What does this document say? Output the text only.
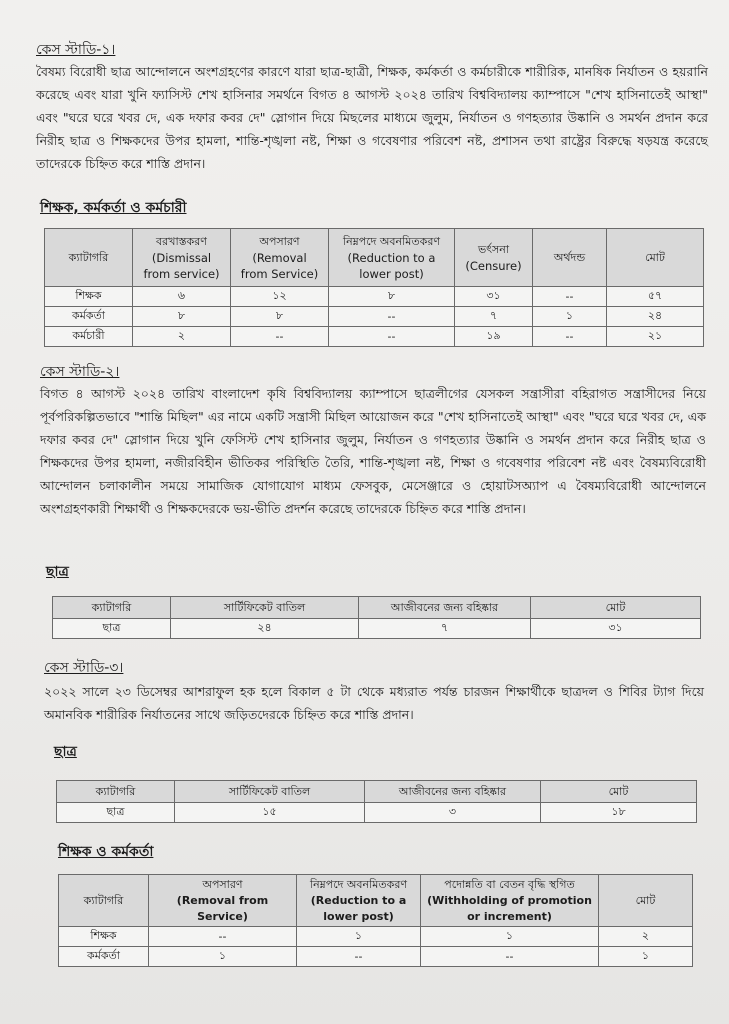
কেস স্টাডি-১।

বৈষম্য বিরোধী ছাত্র আন্দোলনে অংশগ্রহণের কারণে যারা ছাত্র-ছাত্রী, শিক্ষক, কর্মকর্তা ও কর্মচারীকে শারীরিক, মানষিক নির্যাতন ও হয়রানি করেছে এবং যারা খুনি ফ্যাসিস্ট শেখ হাসিনার সমর্থনে বিগত ৪ আগস্ট ২০২৪ তারিখ বিশ্ববিদ্যালয় ক্যাম্পাসে "শেখ হাসিনাতেই আস্থা" এবং "ঘরে ঘরে খবর দে, এক দফার কবর দে" স্লোগান দিয়ে মিছলের মাধ্যমে জুলুম, নির্যাতন ও গণহত্যার উষ্কানি ও সমর্থন প্রদান করে নিরীহ ছাত্র ও শিক্ষকদের উপর হামলা, শান্তি-শৃঙ্খলা নষ্ট, শিক্ষা ও গবেষণার পরিবেশ নষ্ট, প্রশাসন তথা রাষ্ট্রের বিরুদ্ধে ষড়যন্ত্র করেছে তাদেরকে চিহ্নিত করে শাস্তি প্রদান।

শিক্ষক, কর্মকর্তা ও কর্মচারী
ক্যাটাগরি	বরখাস্তকরণ
(Dismissal
from service)	অপসারণ
(Removal
from Service)	নিম্নপদে অবনমিতকরণ
(Reduction to a
lower post)	ভর্ৎসনা
(Censure)	অর্থদন্ড	মোট

শিক্ষক	৬	১২	৮	৩১	--	৫৭
কর্মকর্তা	৮	৮	--	৭	১	২৪
কর্মচারী	২	--	--	১৯	--	২১
কেস স্টাডি-২।

বিগত ৪ আগস্ট ২০২৪ তারিখ বাংলাদেশ কৃষি বিশ্ববিদ্যালয় ক্যাম্পাসে ছাত্রলীগের যেসকল সন্ত্রাসীরা বহিরাগত সন্ত্রাসীদের নিয়ে পূর্বপরিকল্পিতভাবে "শান্তি মিছিল" এর নামে একটি সন্ত্রাসী মিছিল আয়োজন করে "শেখ হাসিনাতেই আস্থা" এবং "ঘরে ঘরে খবর দে, এক দফার কবর দে" স্লোগান দিয়ে খুনি ফেসিস্ট শেখ হাসিনার জুলুম, নির্যাতন ও গণহত্যার উষ্কানি ও সমর্থন প্রদান করে নিরীহ ছাত্র ও শিক্ষকদের উপর হামলা, নজীরবিহীন ভীতিকর পরিস্থিতি তৈরি, শান্তি-শৃঙ্খলা নষ্ট, শিক্ষা ও গবেষণার পরিবেশ নষ্ট এবং বৈষম্যবিরোধী আন্দোলন চলাকালীন সময়ে সামাজিক যোগাযোগ মাধ্যম ফেসবুক, মেসেঞ্জারে ও হোয়াটসঅ্যাপ এ বৈষম্যবিরোধী আন্দোলনে অংশগ্রহণকারী শিক্ষার্থী ও শিক্ষকদেরকে ভয়-ভীতি প্রদর্শন করেছে তাদেরকে চিহ্নিত করে শাস্তি প্রদান।

ছাত্র
ক্যাটাগরি	সার্টিফিকেট বাতিল	আজীবনের জন্য বহিষ্কার	মোট
ছাত্র	২৪	৭	৩১
কেস স্টাডি-৩।

২০২২ সালে ২৩ ডিসেম্বর আশরাফুল হক হলে বিকাল ৫ টা থেকে মধ্যরাত পর্যন্ত চারজন শিক্ষার্থীকে ছাত্রদল ও শিবির ট্যাগ দিয়ে অমানবিক শারীরিক নির্যাতনের সাথে জড়িতদেরকে চিহ্নিত করে শাস্তি প্রদান।

ছাত্র
ক্যাটাগরি	সার্টিফিকেট বাতিল	আজীবনের জন্য বহিষ্কার	মোট
ছাত্র	১৫	৩	১৮
শিক্ষক ও কর্মকর্তা
ক্যাটাগরি	অপসারণ
(Removal from
Service)	নিম্নপদে অবনমিতকরণ
(Reduction to a
lower post)	পদোন্নতি বা বেতন বৃদ্ধি স্থগিত
(Withholding of promotion
or increment)	মোট

শিক্ষক	--	১	১	২
কর্মকর্তা	১	--	--	১
